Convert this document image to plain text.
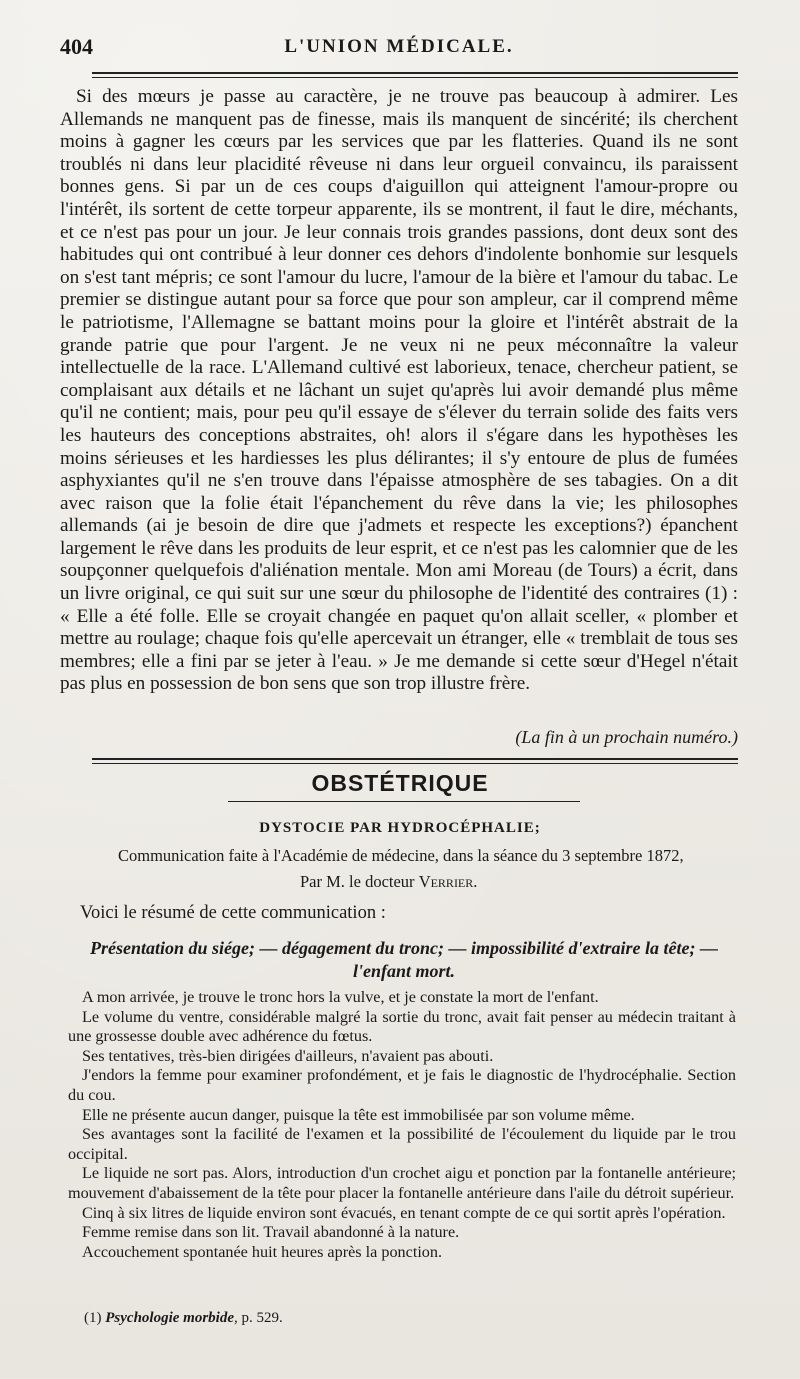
404	L'UNION MÉDICALE.

Si des mœurs je passe au caractère, je ne trouve pas beaucoup à admirer. Les Allemands ne manquent pas de finesse, mais ils manquent de sincérité; ils cherchent moins à gagner les cœurs par les services que par les flatteries. Quand ils ne sont troublés ni dans leur placidité rêveuse ni dans leur orgueil convaincu, ils paraissent bonnes gens. Si par un de ces coups d'aiguillon qui atteignent l'amour-propre ou l'intérêt, ils sortent de cette torpeur apparente, ils se montrent, il faut le dire, méchants, et ce n'est pas pour un jour. Je leur connais trois grandes passions, dont deux sont des habitudes qui ont contribué à leur donner ces dehors d'indolente bonhomie sur lesquels on s'est tant mépris; ce sont l'amour du lucre, l'amour de la bière et l'amour du tabac. Le premier se distingue autant pour sa force que pour son ampleur, car il comprend même le patriotisme, l'Allemagne se battant moins pour la gloire et l'intérêt abstrait de la grande patrie que pour l'argent. Je ne veux ni ne peux méconnaître la valeur intellectuelle de la race. L'Allemand cultivé est laborieux, tenace, chercheur patient, se complaisant aux détails et ne lâchant un sujet qu'après lui avoir demandé plus même qu'il ne contient; mais, pour peu qu'il essaye de s'élever du terrain solide des faits vers les hauteurs des conceptions abstraites, oh! alors il s'égare dans les hypothèses les moins sérieuses et les hardiesses les plus délirantes; il s'y entoure de plus de fumées asphyxiantes qu'il ne s'en trouve dans l'épaisse atmosphère de ses tabagies. On a dit avec raison que la folie était l'épanchement du rêve dans la vie; les philosophes allemands (ai je besoin de dire que j'admets et respecte les exceptions?) épanchent largement le rêve dans les produits de leur esprit, et ce n'est pas les calomnier que de les soupçonner quelquefois d'aliénation mentale. Mon ami Moreau (de Tours) a écrit, dans un livre original, ce qui suit sur une sœur du philosophe de l'identité des contraires (1) : « Elle a été folle. Elle se croyait changée en paquet qu'on allait sceller, « plomber et mettre au roulage; chaque fois qu'elle apercevait un étranger, elle « tremblait de tous ses membres; elle a fini par se jeter à l'eau. » Je me demande si cette sœur d'Hegel n'était pas plus en possession de bon sens que son trop illustre frère.

(La fin à un prochain numéro.)
OBSTÉTRIQUE
DYSTOCIE PAR HYDROCÉPHALIE;
Communication faite à l'Académie de médecine, dans la séance du 3 septembre 1872,
Par M. le docteur Verrier.
Voici le résumé de cette communication :
Présentation du siége; — dégagement du tronc; — impossibilité d'extraire la tête; — l'enfant mort.

A mon arrivée, je trouve le tronc hors la vulve, et je constate la mort de l'enfant.

Le volume du ventre, considérable malgré la sortie du tronc, avait fait penser au médecin traitant à une grossesse double avec adhérence du fœtus.

Ses tentatives, très-bien dirigées d'ailleurs, n'avaient pas abouti.

J'endors la femme pour examiner profondément, et je fais le diagnostic de l'hydrocéphalie. Section du cou.

Elle ne présente aucun danger, puisque la tête est immobilisée par son volume même.

Ses avantages sont la facilité de l'examen et la possibilité de l'écoulement du liquide par le trou occipital.

Le liquide ne sort pas. Alors, introduction d'un crochet aigu et ponction par la fontanelle antérieure; mouvement d'abaissement de la tête pour placer la fontanelle antérieure dans l'aile du détroit supérieur.

Cinq à six litres de liquide environ sont évacués, en tenant compte de ce qui sortit après l'opération.

Femme remise dans son lit. Travail abandonné à la nature.

Accouchement spontanée huit heures après la ponction.

(1) Psychologie morbide, p. 529.
